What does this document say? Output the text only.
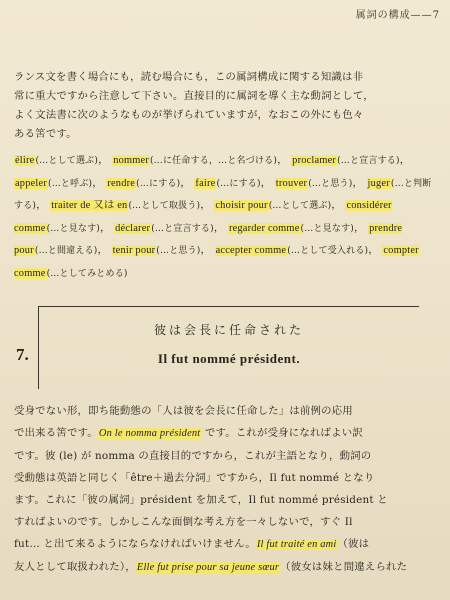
属詞の構成——7
ランス文を書く場合にも，読む場合にも，この属詞構成に関する知識は非
常に重大ですから注意して下さい。直接目的に属詞を導く主な動詞として，
よく文法書に次のようなものが挙げられていますが，なおこの外にも色々
ある筈です。
élire(…として選ぶ)， nommer(…に任命する，…と名づける)， proclamer(…と宣言する)， appeler(…と呼ぶ)， rendre(…にする)， faire(…にする)， trouver(…と思う)， juger(…と判断する)， traiter de 又は en(…として取扱う)， choisir pour(…として選ぶ)， considérer comme(…と見なす)， déclarer(…と宣言する)， regarder comme(…と見なす)， prendre pour(…と間違える)， tenir pour(…と思う)， accepter comme(…として受入れる)， compter comme(…としてみとめる)
彼は会長に任命された
Il fut nommé président.
7.
受身でない形，即ち能動態の「人は彼を会長に任命した」は前例の応用
で出来る筈です。On le nomma président です。これが受身になればよい訳
です。彼 (le) が nomma の直接目的ですから，これが主語となり，動詞の
受動態は英語と同じく「être＋過去分詞」ですから，Il fut nommé となり
ます。これに「彼の属詞」président を加えて，Il fut nommé président と
すればよいのです。しかしこんな面倒な考え方を一々しないで，すぐ Il
fut… と出て来るようにならなければいけません。Il fut traité en ami（彼は
友人として取扱われた），Elle fut prise pour sa jeune sœur（彼女は妹と間違えられた
